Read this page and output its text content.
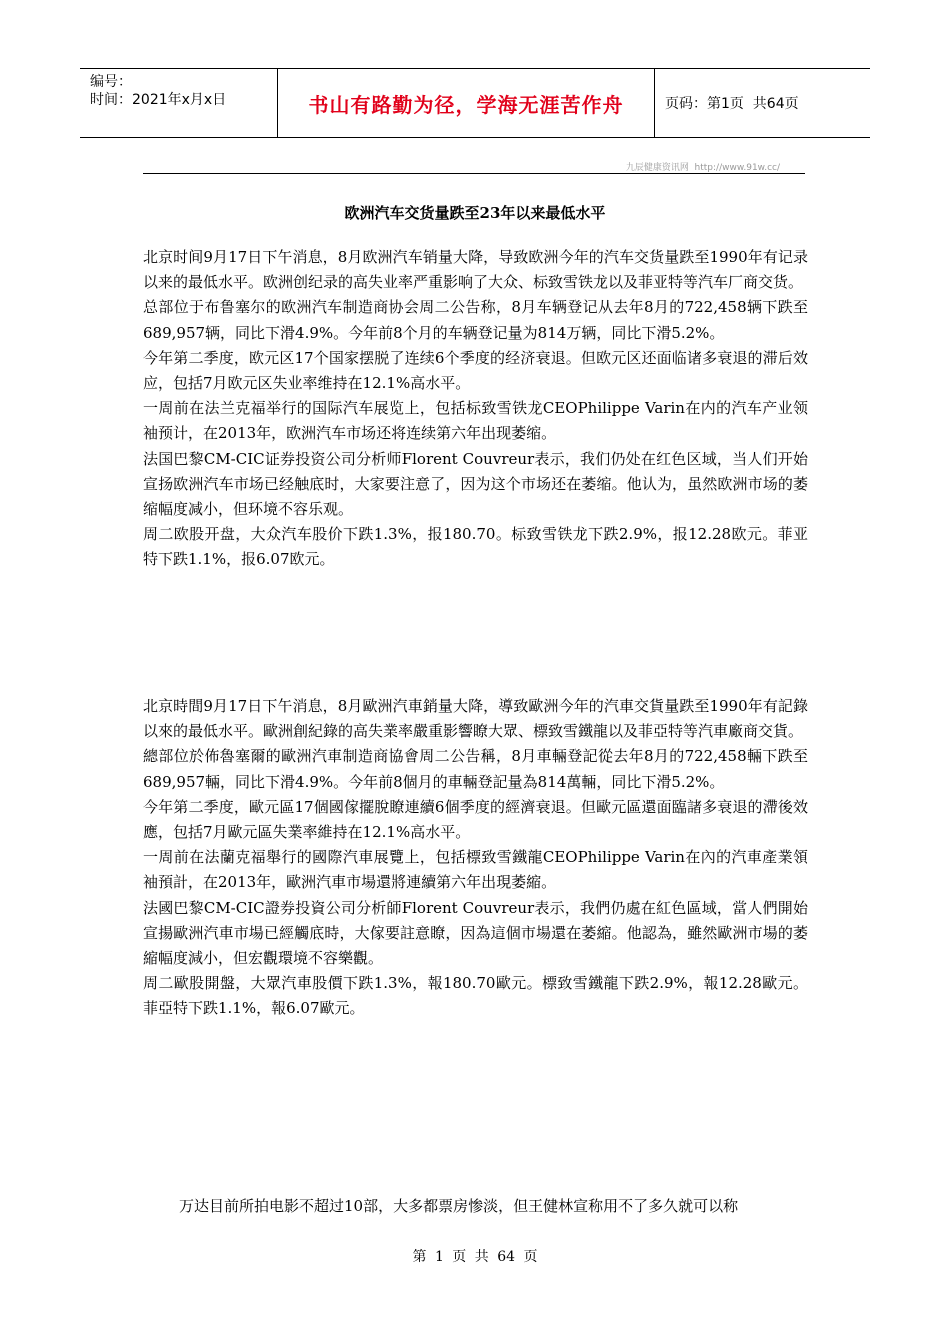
编号：
时间：2021年x月x日	书山有路勤为径，学海无涯苦作舟	页码：第1页  共64页
九辰健康资讯网  http://www.91w.cc/
欧洲汽车交货量跌至23年以来最低水平

北京时间9月17日下午消息，8月欧洲汽车销量大降，导致欧洲今年的汽车交货量跌至1990年有记录以来的最低水平。欧洲创纪录的高失业率严重影响了大众、标致雪铁龙以及菲亚特等汽车厂商交货。

总部位于布鲁塞尔的欧洲汽车制造商协会周二公告称，8月车辆登记从去年8月的722,458辆下跌至689,957辆，同比下滑4.9%。今年前8个月的车辆登记量为814万辆，同比下滑5.2%。

今年第二季度，欧元区17个国家摆脱了连续6个季度的经济衰退。但欧元区还面临诸多衰退的滞后效应，包括7月欧元区失业率维持在12.1%高水平。

一周前在法兰克福举行的国际汽车展览上，包括标致雪铁龙CEOPhilippe Varin在内的汽车产业领袖预计，在2013年，欧洲汽车市场还将连续第六年出现萎缩。

法国巴黎CM-CIC证券投资公司分析师Florent Couvreur表示，我们仍处在红色区域，当人们开始宣扬欧洲汽车市场已经触底时，大家要注意了，因为这个市场还在萎缩。他认为，虽然欧洲市场的萎缩幅度减小，但环境不容乐观。

周二欧股开盘，大众汽车股价下跌1.3%，报180.70。标致雪铁龙下跌2.9%，报12.28欧元。菲亚特下跌1.1%，报6.07欧元。

北京時間9月17日下午消息，8月歐洲汽車銷量大降，導致歐洲今年的汽車交貨量跌至1990年有記錄以來的最低水平。歐洲創紀錄的高失業率嚴重影響瞭大眾、標致雪鐵龍以及菲亞特等汽車廠商交貨。

總部位於佈魯塞爾的歐洲汽車制造商協會周二公告稱，8月車輛登記從去年8月的722,458輛下跌至689,957輛，同比下滑4.9%。今年前8個月的車輛登記量為814萬輛，同比下滑5.2%。

今年第二季度，歐元區17個國傢擺脫瞭連續6個季度的經濟衰退。但歐元區還面臨諸多衰退的滯後效應，包括7月歐元區失業率維持在12.1%高水平。

一周前在法蘭克福舉行的國際汽車展覽上，包括標致雪鐵龍CEOPhilippe Varin在內的汽車產業領袖預計，在2013年，歐洲汽車市場還將連續第六年出現萎縮。

法國巴黎CM-CIC證券投資公司分析師Florent Couvreur表示，我們仍處在紅色區域，當人們開始宣揚歐洲汽車市場已經觸底時，大傢要註意瞭，因為這個市場還在萎縮。他認為，雖然歐洲市場的萎縮幅度減小，但宏觀環境不容樂觀。

周二歐股開盤，大眾汽車股價下跌1.3%，報180.70歐元。標致雪鐵龍下跌2.9%，報12.28歐元。菲亞特下跌1.1%，報6.07歐元。

万达目前所拍电影不超过10部，大多都票房惨淡，但王健林宣称用不了多久就可以称
第 1 页 共 64 页
